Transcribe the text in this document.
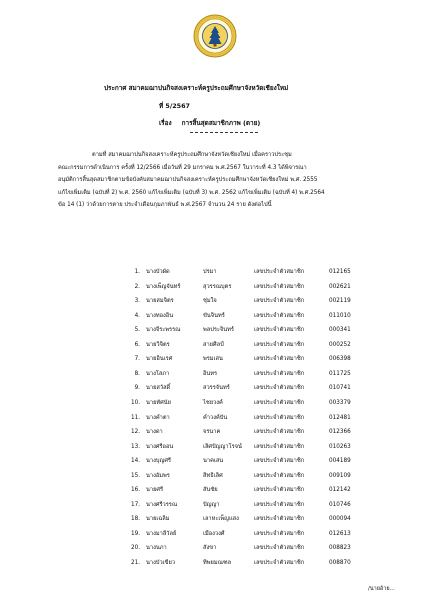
ประกาศ สมาคมฌาปนกิจสงเคราะห์ครูประถมศึกษาจังหวัดเชียงใหม่
ที่ 5/2567
เรื่อง การสิ้นสุดสมาชิกภาพ (ตาย)
ตามที่ สมาคมฌาปนกิจสงเคราะห์ครูประถมศึกษาจังหวัดเชียงใหม่ เมื่อคราวประชุม
คณะกรรมการดำเนินการ ครั้งที่ 12/2566 เมื่อวันที่ 29 มกราคม พ.ศ.2567 ในวาระที่ 4.3 ได้พิจารณา
อนุมัติการสิ้นสุดสมาชิกตามข้อบังคับสมาคมฌาปนกิจสงเคราะห์ครูประถมศึกษาจังหวัดเชียงใหม่ พ.ศ. 2555
แก้ไขเพิ่มเติม (ฉบับที่ 2) พ.ศ. 2560 แก้ไขเพิ่มเติม (ฉบับที่ 3) พ.ศ. 2562 แก้ไขเพิ่มเติม (ฉบับที่ 4) พ.ศ.2564
ข้อ 14 (1) ว่าด้วยการตาย ประจำเดือนกุมภาพันธ์ พ.ศ.2567 จำนวน 24 ราย ดังต่อไปนี้
1. นางบัวผัด	ปรมา	เลขประจำตัวสมาชิก	012165
2. นางเพ็ญจันทร์	สุวรรณบุตร	เลขประจำตัวสมาชิก	002621
3. นายสมจิตร	ชุ่มใจ	เลขประจำตัวสมาชิก	002119
4. นางทองอิน	ขันจินทร์	เลขประจำตัวสมาชิก	011010
5. นางจีระพรรณ	พลประจินทร์	เลขประจำตัวสมาชิก	000341
6. นายวิจิตร	สายศิลป์	เลขประจำตัวสมาชิก	000252
7. นายอินเรศ	พรมเสน	เลขประจำตัวสมาชิก	006398
8. นางโสภา	อินทร	เลขประจำตัวสมาชิก	011725
9. นายสวัสดิ์	สวรรจันทร์	เลขประจำตัวสมาชิก	010741
10. นายทัศนัย	ไชยวงค์	เลขประจำตัวสมาชิก	003379
11. นางคำตา	คำวงค์ปัน	เลขประจำตัวสมาชิก	012481
12. นางดา	จรนาค	เลขประจำตัวสมาชิก	012366
13. นางศรีออน	เลิศปัญญาโรจน์ เลขประจำตัวสมาชิก	010263
14. นางบุญศรี	นาคเสน	เลขประจำตัวสมาชิก	004189
15. นางอัมพร	สิทธิเลิศ	เลขประจำตัวสมาชิก	009109
16. นายศรี	สันชัย	เลขประจำตัวสมาชิก	012142
17. นางศรีวรรณ	ปัญญา	เลขประจำตัวสมาชิก	010746
18. นายเฉลิม	เลาหะเพ็ญแสง	เลขประจำตัวสมาชิก	000094
19. นางมาลีวัลย์	เมืองวงศ์	เลขประจำตัวสมาชิก	012613
20. นางนภา	สังขา	เลขประจำตัวสมาชิก	008823
21. นางบัวเขียว	ทิพยมณฑล	เลขประจำตัวสมาชิก	008870
/นายอ้าย...
